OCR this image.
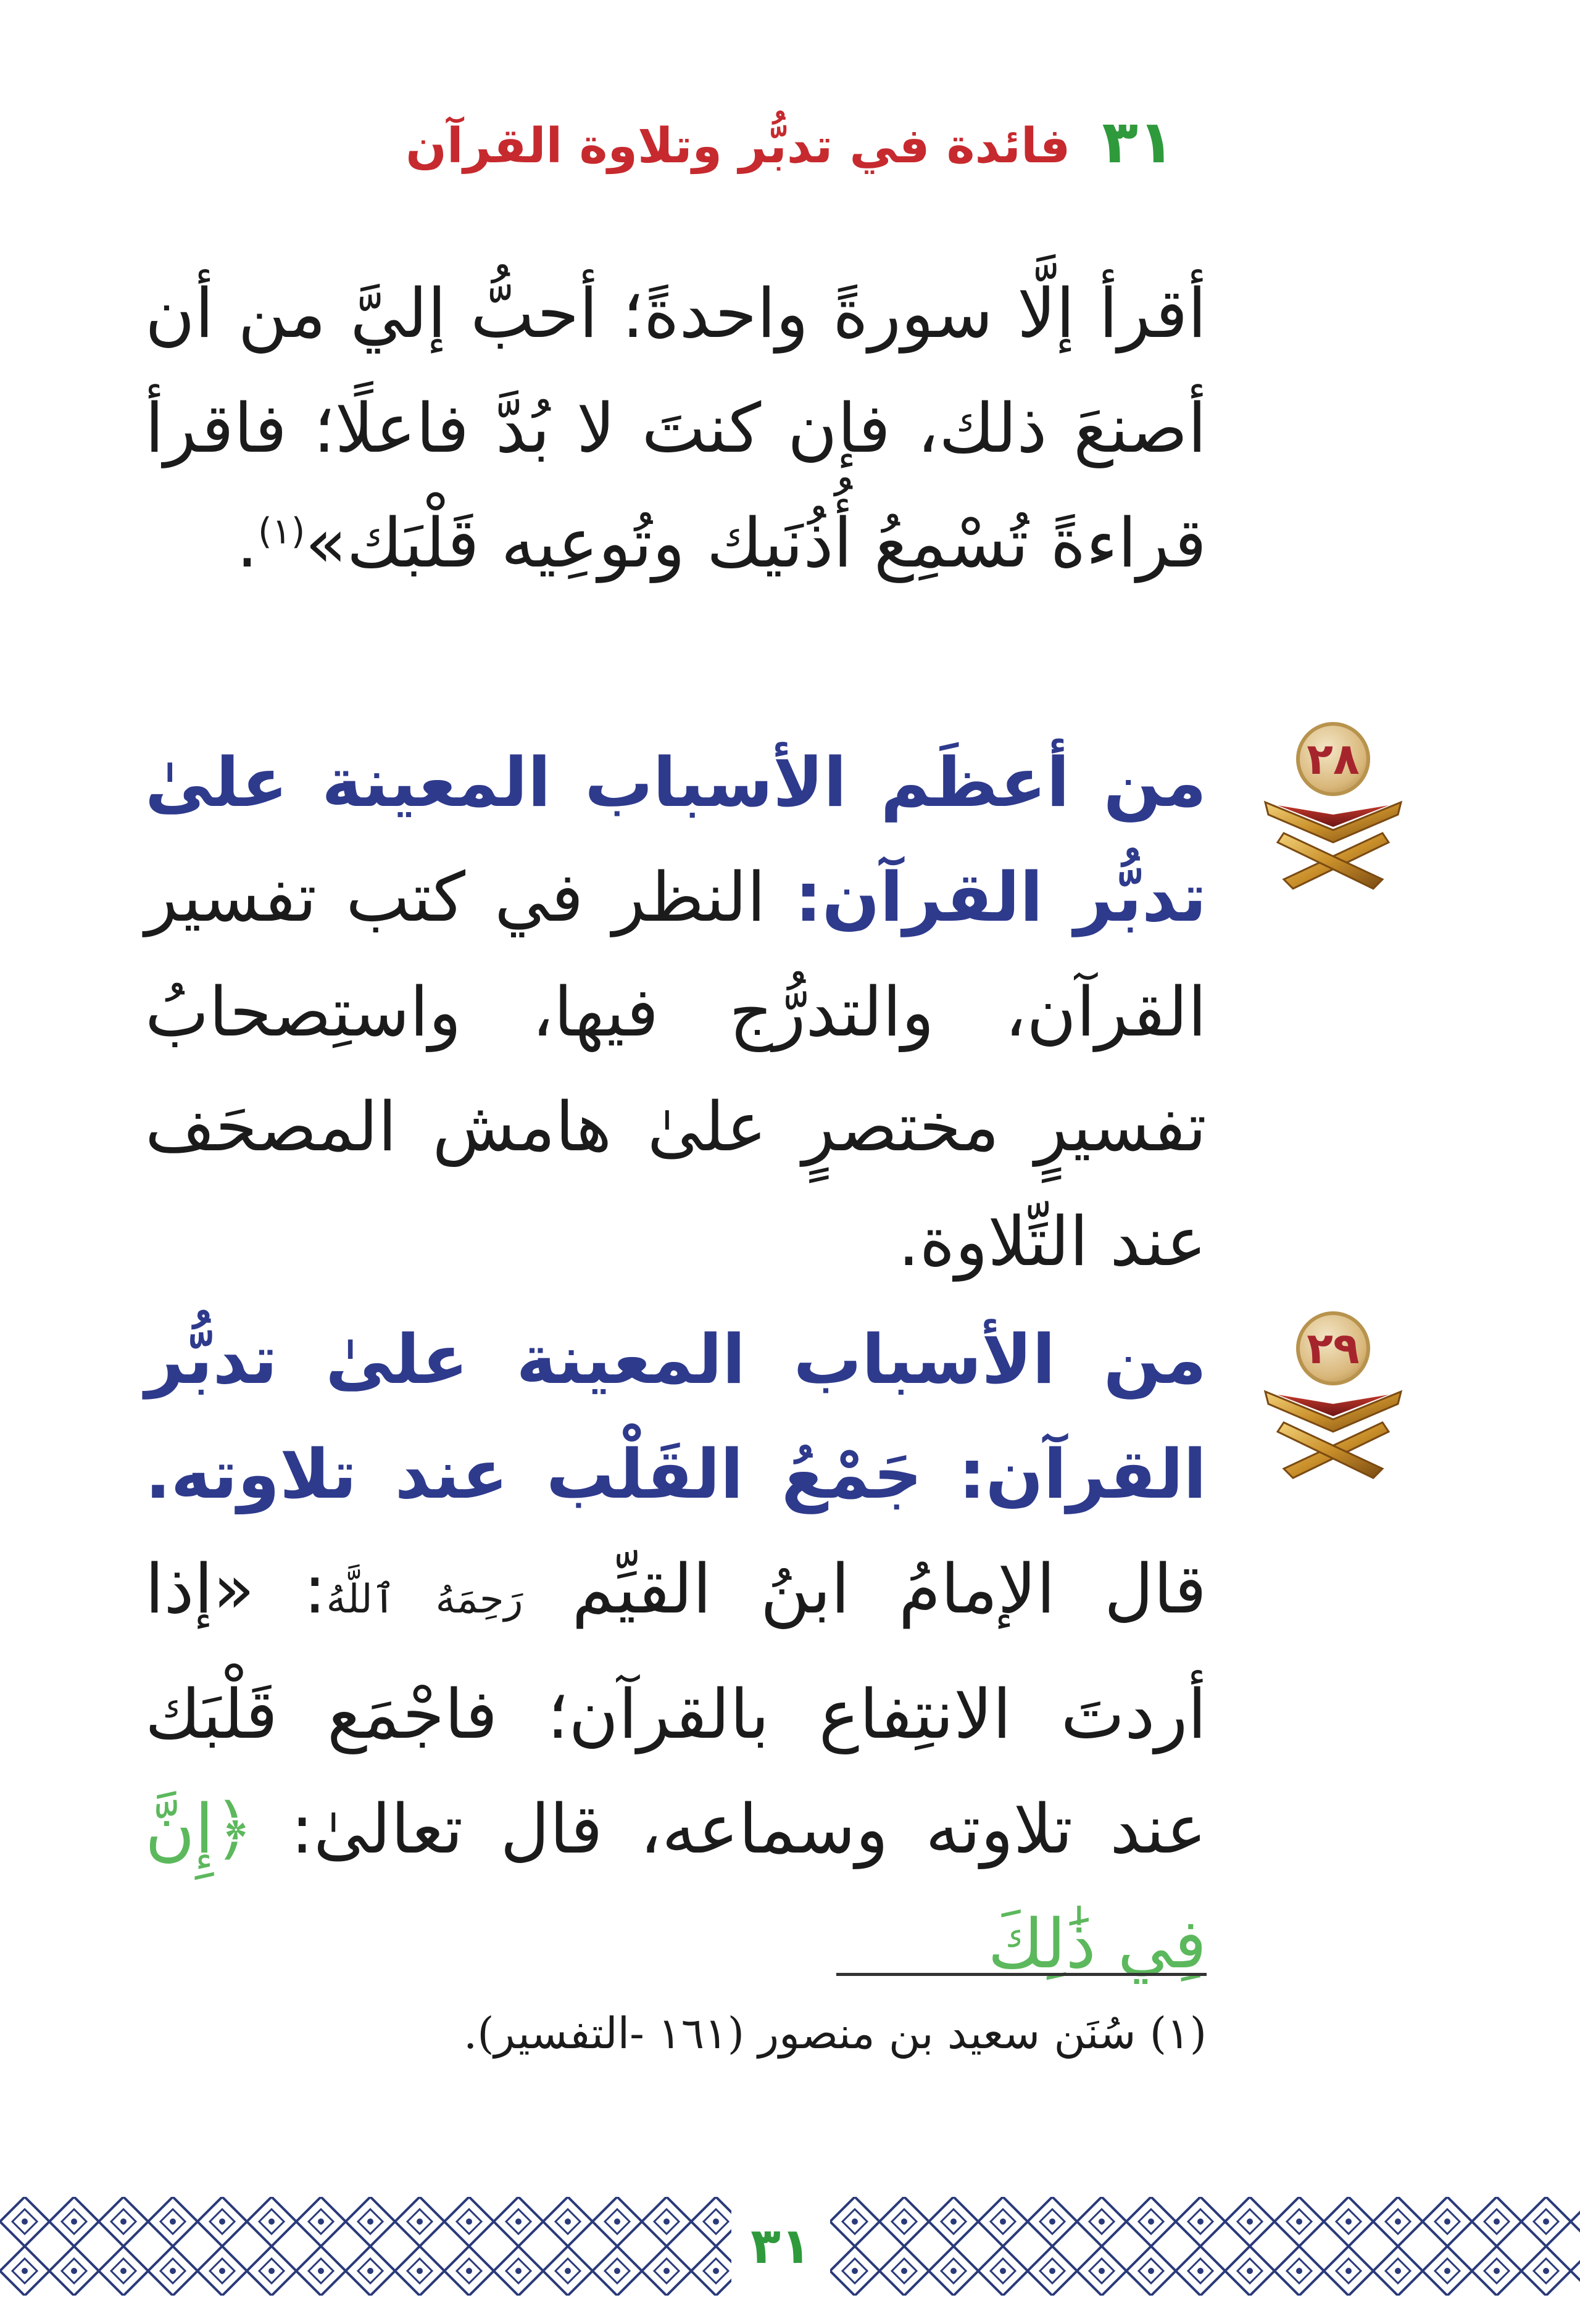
٣١ فائدة في تدبُّر وتلاوة القرآن
أقرأ إلَّا سورةً واحدةً؛ أحبُّ إليَّ من أن أصنعَ ذلك، فإن كنتَ لا بُدَّ فاعلًا؛ فاقرأ قراءةً تُسْمِعُ أُذُنَيك وتُوعِيه قَلْبَك»$^{(١)}$.
٢٨
من أعظَم الأسباب المعينة علىٰ تدبُّر القرآن: النظر في كتب تفسير القرآن، والتدرُّج فيها، واستِصحابُ تفسيرٍ مختصرٍ علىٰ هامش المصحَف عند التِّلاوة.
٢٩
من الأسباب المعينة علىٰ تدبُّر القرآن: جَمْعُ القَلْب عند تلاوته. قال الإمامُ ابنُ القيِّم رَحِمَهُ ٱللَّهُ: «إذا أردتَ الانتِفاع بالقرآن؛ فاجْمَع قَلْبَك عند تلاوته وسماعه، قال تعالىٰ: ﴿إِنَّ فِي ذَٰلِكَ
(١) سُنَن سعيد بن منصور (١٦١ -التفسير).
٣١
